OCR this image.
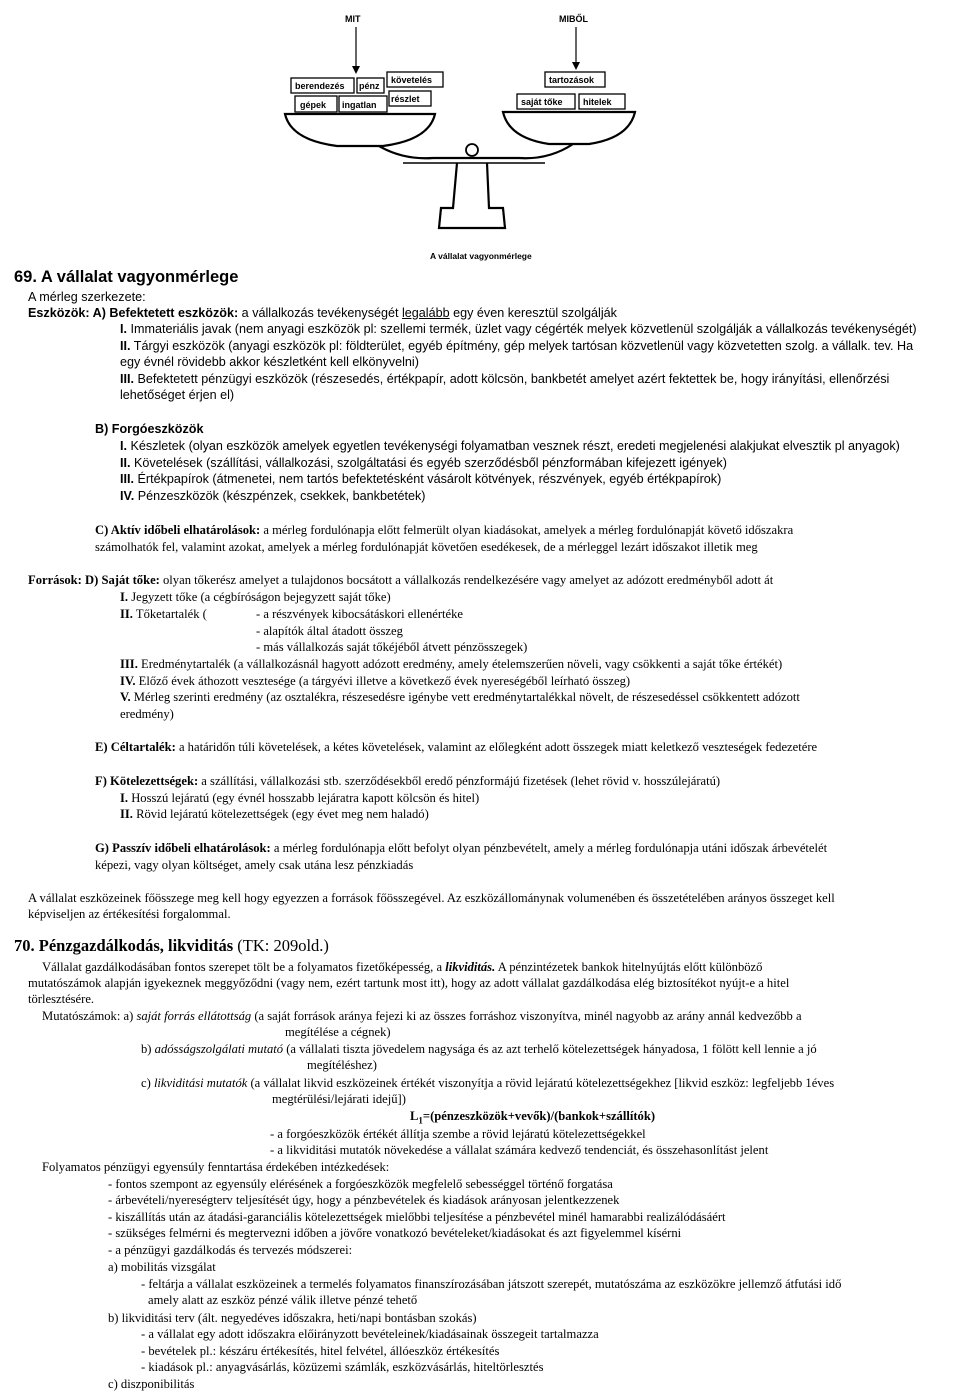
MIT	MIBŐL
berendezés pénz
követelés
gépek ingatlan
részlet
tartozások
saját tőke hitelek
A vállalat vagyonmérlege
69. A vállalat vagyonmérlege
A mérleg szerkezete:
Eszközök: A) Befektetett eszközök: a vállalkozás tevékenységét legalább egy éven keresztül szolgálják
I. Immateriális javak (nem anyagi eszközök pl: szellemi termék, üzlet vagy cégérték melyek közvetlenül szolgálják a vállalkozás tevékenységét)
II. Tárgyi eszközök (anyagi eszközök pl: földterület, egyéb építmény, gép melyek tartósan közvetlenül vagy közvetetten szolg. a vállalk. tev. Ha
egy évnél rövidebb akkor készletként kell elkönyvelni)
III. Befektetett pénzügyi eszközök (részesedés, értékpapír, adott kölcsön, bankbetét amelyet azért fektettek be, hogy irányítási, ellenőrzési
lehetőséget érjen el)
B) Forgóeszközök
I. Készletek (olyan eszközök amelyek egyetlen tevékenységi folyamatban vesznek részt, eredeti megjelenési alakjukat elvesztik pl anyagok)
II. Követelések (szállítási, vállalkozási, szolgáltatási és egyéb szerződésből pénzformában kifejezett igények)
III. Értékpapírok (átmenetei, nem tartós befektetésként vásárolt kötvények, részvények, egyéb értékpapírok)
IV. Pénzeszközök (készpénzek, csekkek, bankbetétek)
C) Aktív időbeli elhatárolások: a mérleg fordulónapja előtt felmerült olyan kiadásokat, amelyek a mérleg fordulónapját követő időszakra
számolhatók fel, valamint azokat, amelyek a mérleg fordulónapját követően esedékesek, de a mérleggel lezárt időszakot illetik meg
Források: D) Saját tőke: olyan tőkerész amelyet a tulajdonos bocsátott a vállalkozás rendelkezésére vagy amelyet az adózott eredményből adott át
I. Jegyzett tőke (a cégbíróságon bejegyzett saját tőke)
II. Tőketartalék (	- a részvények kibocsátáskori ellenértéke
- alapítók által átadott összeg
- más vállalkozás saját tőkéjéből átvett pénzösszegek)
III. Eredménytartalék (a vállalkozásnál hagyott adózott eredmény, amely ételemszerűen növeli, vagy csökkenti a saját tőke értékét)
IV. Előző évek áthozott vesztesége (a tárgyévi illetve a következő évek nyereségéből leírható összeg)
V. Mérleg szerinti eredmény (az osztalékra, részesedésre igénybe vett eredménytartalékkal növelt, de részesedéssel csökkentett adózott
eredmény)
E) Céltartalék: a határidőn túli követelések, a kétes követelések, valamint az előlegként adott összegek miatt keletkező veszteségek fedezetére
F) Kötelezettségek: a szállítási, vállalkozási stb. szerződésekből eredő pénzformájú fizetések (lehet rövid v. hosszúlejáratú)
I. Hosszú lejáratú (egy évnél hosszabb lejáratra kapott kölcsön és hitel)
II. Rövid lejáratú kötelezettségek (egy évet meg nem haladó)
G) Passzív időbeli elhatárolások: a mérleg fordulónapja előtt befolyt olyan pénzbevételt, amely a mérleg fordulónapja utáni időszak árbevételét
képezi, vagy olyan költséget, amely csak utána lesz pénzkiadás
A vállalat eszközeinek főösszege meg kell hogy egyezzen a források főösszegével. Az eszközállománynak volumenében és összetételében arányos összeget kell
képviseljen az értékesítési forgalommal.
70. Pénzgazdálkodás, likviditás (TK: 209old.)
Vállalat gazdálkodásában fontos szerepet tölt be a folyamatos fizetőképesség, a likviditás. A pénzintézetek bankok hitelnyújtás előtt különböző
mutatószámok alapján igyekeznek meggyőződni (vagy nem, ezért tartunk most itt), hogy az adott vállalat gazdálkodása elég biztosítékot nyújt-e a hitel
törlesztésére.
Mutatószámok: a) saját forrás ellátottság (a saját források aránya fejezi ki az összes forráshoz viszonyítva, minél nagyobb az arány annál kedvezőbb a
megítélése a cégnek)
b) adósságszolgálati mutató (a vállalati tiszta jövedelem nagysága és az azt terhelő kötelezettségek hányadosa, 1 fölött kell lennie a jó
megítéléshez)
c) likviditási mutatók (a vállalat likvid eszközeinek értékét viszonyítja a rövid lejáratú kötelezettségekhez [likvid eszköz: legfeljebb 1éves
megtérülési/lejárati idejű])
$L_1=(pénzeszközök+vevők)/(bankok+szállítók)$
- a forgóeszközök értékét állítja szembe a rövid lejáratú kötelezettségekkel
- a likviditási mutatók növekedése a vállalat számára kedvező tendenciát, és összehasonlítást jelent
Folyamatos pénzügyi egyensúly fenntartása érdekében intézkedések:
- fontos szempont az egyensúly elérésének a forgóeszközök megfelelő sebességgel történő forgatása
- árbevételi/nyereségterv teljesítését úgy, hogy a pénzbevételek és kiadások arányosan jelentkezzenek
- kiszállítás után az átadási-garanciális kötelezettségek mielőbbi teljesítése a pénzbevétel minél hamarabbi realizálódásáért
- szükséges felmérni és megtervezni időben a jövőre vonatkozó bevételeket/kiadásokat és azt figyelemmel kísérni
- a pénzügyi gazdálkodás és tervezés módszerei:
a) mobilitás vizsgálat
- feltárja a vállalat eszközeinek a termelés folyamatos finanszírozásában játszott szerepét, mutatószáma az eszközökre jellemző átfutási idő
amely alatt az eszköz pénzé válik illetve pénzé tehető
b) likviditási terv (ált. negyedéves időszakra, heti/napi bontásban szokás)
- a vállalat egy adott időszakra előirányzott bevételeinek/kiadásainak összegeit tartalmazza
- bevételek pl.: készáru értékesítés, hitel felvétel, állóeszköz értékesítés
- kiadások pl.: anyagvásárlás, közüzemi számlák, eszközvásárlás, hiteltörlesztés
c) diszponibilitás
